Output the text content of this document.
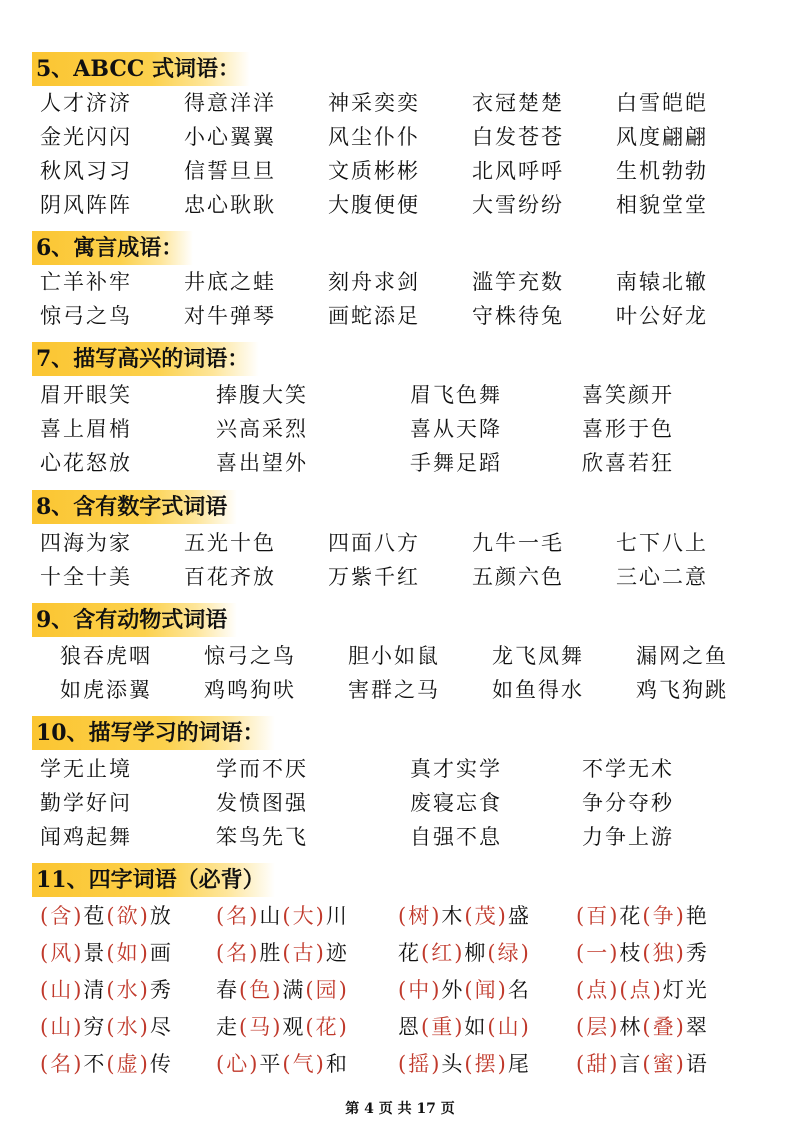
5、ABCC 式词语：
人才济济 得意洋洋 神采奕奕 衣冠楚楚 白雪皑皑
金光闪闪 小心翼翼 风尘仆仆 白发苍苍 风度翩翩
秋风习习 信誓旦旦 文质彬彬 北风呼呼 生机勃勃
阴风阵阵 忠心耿耿 大腹便便 大雪纷纷 相貌堂堂
6、寓言成语：
亡羊补牢 井底之蛙 刻舟求剑 滥竽充数 南辕北辙
惊弓之鸟 对牛弹琴 画蛇添足 守株待兔 叶公好龙
7、描写高兴的词语：
眉开眼笑	捧腹大笑	眉飞色舞	喜笑颜开
喜上眉梢	兴高采烈	喜从天降	喜形于色
心花怒放	喜出望外	手舞足蹈	欣喜若狂
8、含有数字式词语
四海为家 五光十色 四面八方 九牛一毛 七下八上
十全十美 百花齐放 万紫千红 五颜六色 三心二意
9、含有动物式词语
狼吞虎咽 惊弓之鸟 胆小如鼠 龙飞凤舞 漏网之鱼
如虎添翼 鸡鸣狗吠 害群之马 如鱼得水 鸡飞狗跳
10、描写学习的词语：
学无止境	学而不厌	真才实学	不学无术
勤学好问	发愤图强	废寝忘食	争分夺秒
闻鸡起舞	笨鸟先飞	自强不息	力争上游
11、四字词语（必背）
(含)苞(欲)放 (名)山(大)川 (树)木(茂)盛 (百)花(争)艳
(风)景(如)画 (名)胜(古)迹 花(红)柳(绿) (一)枝(独)秀
(山)清(水)秀 春(色)满(园) (中)外(闻)名 (点)(点)灯光
(山)穷(水)尽 走(马)观(花) 恩(重)如(山) (层)林(叠)翠
(名)不(虚)传 (心)平(气)和 (摇)头(摆)尾 (甜)言(蜜)语
第 4 页 共 17 页
